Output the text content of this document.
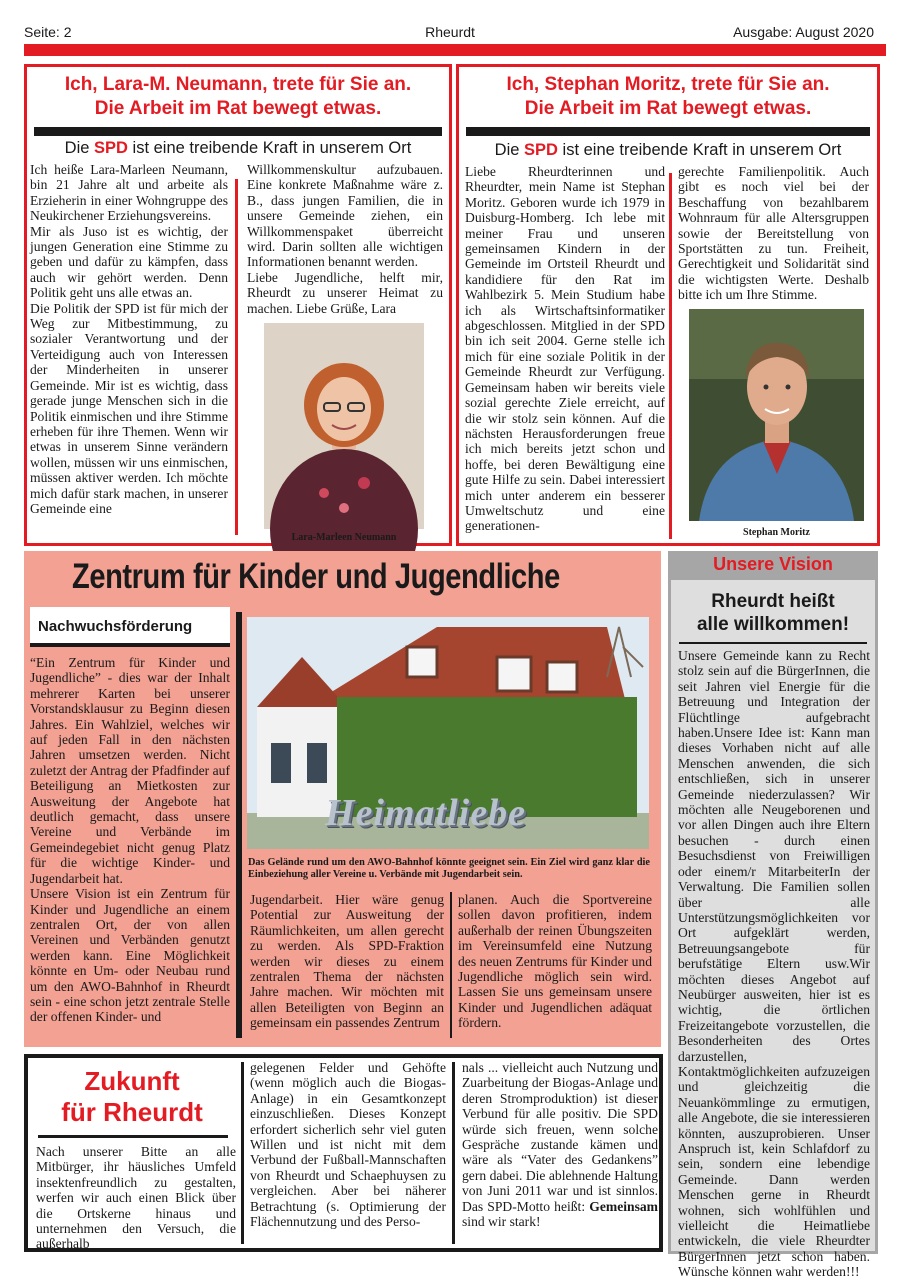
Seite: 2	Rheurdt	Ausgabe: August 2020
Ich, Lara-M. Neumann, trete für Sie an.
Die Arbeit im Rat bewegt etwas.
Die SPD ist eine treibende Kraft in unserem Ort

Ich heiße Lara-Marleen Neumann, bin 21 Jahre alt und arbeite als Erzieherin in einer Wohngruppe des Neukirchener Erziehungsvereins.

Mir als Juso ist es wichtig, der jungen Generation eine Stimme zu geben und dafür zu kämpfen, dass auch wir gehört werden. Denn Politik geht uns alle etwas an.

Die Politik der SPD ist für mich der Weg zur Mitbestimmung, zu sozialer Verantwortung und der Verteidigung auch von Interessen der Minderheiten in unserer Gemeinde. Mir ist es wichtig, dass gerade junge Menschen sich in die Politik einmischen und ihre Stimme erheben für ihre Themen. Wenn wir etwas in unserem Sinne verändern wollen, müssen wir uns einmischen, müssen aktiver werden. Ich möchte mich dafür stark machen, in unserer Gemeinde eine

Willkommenskultur aufzubauen. Eine konkrete Maßnahme wäre z. B., dass jungen Familien, die in unsere Gemeinde ziehen, ein Willkommenspaket überreicht wird. Darin sollten alle wichtigen Informationen benannt werden.

Liebe Jugendliche, helft mir, Rheurdt zu unserer Heimat zu machen. Liebe Grüße, Lara

Lara-Marleen Neumann
Ich, Stephan Moritz, trete für Sie an.
Die Arbeit im Rat bewegt etwas.
Die SPD ist eine treibende Kraft in unserem Ort

Liebe Rheurdterinnen und Rheurdter, mein Name ist Stephan Moritz. Geboren wurde ich 1979 in Duisburg-Homberg. Ich lebe mit meiner Frau und unseren gemeinsamen Kindern in der Gemeinde im Ortsteil Rheurdt und kandidiere für den Rat im Wahlbezirk 5. Mein Studium habe ich als Wirtschaftsinformatiker abgeschlossen. Mitglied in der SPD bin ich seit 2004. Gerne stelle ich mich für eine soziale Politik in der Gemeinde Rheurdt zur Verfügung. Gemeinsam haben wir bereits viele sozial gerechte Ziele erreicht, auf die wir stolz sein können. Auf die nächsten Herausforderungen freue ich mich bereits jetzt schon und hoffe, bei deren Bewältigung eine gute Hilfe zu sein. Dabei interessiert mich unter anderem ein besserer Umweltschutz und eine generationen-

gerechte Familienpolitik. Auch gibt es noch viel bei der Beschaffung von bezahlbarem Wohnraum für alle Altersgruppen sowie der Bereitstellung von Sportstätten zu tun. Freiheit, Gerechtigkeit und Solidarität sind die wichtigsten Werte. Deshalb bitte ich um Ihre Stimme.

Stephan Moritz
Zentrum für Kinder und Jugendliche
Nachwuchsförderung

“Ein Zentrum für Kinder und Jugendliche” - dies war der Inhalt mehrerer Karten bei unserer Vorstandsklausur zu Beginn diesen Jahres. Ein Wahlziel, welches wir auf jeden Fall in den nächsten Jahren umsetzen werden. Nicht zuletzt der Antrag der Pfadfinder auf Beteiligung an Mietkosten zur Ausweitung der Angebote hat deutlich gemacht, dass unsere Vereine und Verbände im Gemeindegebiet nicht genug Platz für die wichtige Kinder- und Jugendarbeit hat.

Unsere Vision ist ein Zentrum für Kinder und Jugendliche an einem zentralen Ort, der von allen Vereinen und Verbänden genutzt werden kann. Eine Möglichkeit könnte en Um- oder Neubau rund um den AWO-Bahnhof in Rheurdt sein - eine schon jetzt zentrale Stelle der offenen Kinder- und

Heimatliebe
Das Gelände rund um den AWO-Bahnhof könnte geeignet sein. Ein Ziel wird ganz klar die Einbeziehung aller Vereine u. Verbände mit Jugendarbeit sein.

Jugendarbeit. Hier wäre genug Potential zur Ausweitung der Räumlichkeiten, um allen gerecht zu werden. Als SPD-Fraktion werden wir dieses zu einem zentralen Thema der nächsten Jahre machen. Wir möchten mit allen Beteiligten von Beginn an gemeinsam ein passendes Zentrum

planen. Auch die Sportvereine sollen davon profitieren, indem außerhalb der reinen Übungszeiten im Vereinsumfeld eine Nutzung des neuen Zentrums für Kinder und Jugendliche möglich sein wird. Lassen Sie uns gemeinsam unsere Kinder und Jugendlichen adäquat fördern.

Unsere Vision
Rheurdt heißt
alle willkommen!
Unsere Gemeinde kann zu Recht stolz sein auf die BürgerInnen, die seit Jahren viel Energie für die Betreuung und Integration der Flüchtlinge aufgebracht haben.Unsere Idee ist: Kann man dieses Vorhaben nicht auf alle Menschen anwenden, die sich entschließen, sich in unserer Gemeinde niederzulassen? Wir möchten alle Neugeborenen und vor allen Dingen auch ihre Eltern besuchen - durch einen Besuchsdienst von Freiwilligen oder einem/r MitarbeiterIn der Verwaltung. Die Familien sollen über alle Unterstützungsmöglichkeiten vor Ort aufgeklärt werden, Betreuungsangebote für berufstätige Eltern usw.Wir möchten dieses Angebot auf Neubürger ausweiten, hier ist es wichtig, die örtlichen Freizeitangebote vorzustellen, die Besonderheiten des Ortes darzustellen, Kontaktmöglichkeiten aufzuzeigen und gleichzeitig die Neuankömmlinge zu ermutigen, alle Angebote, die sie interessieren könnten, auszuprobieren. Unser Anspruch ist, kein Schlafdorf zu sein, sondern eine lebendige Gemeinde. Dann werden Menschen gerne in Rheurdt wohnen, sich wohlfühlen und vielleicht die Heimatliebe entwickeln, die viele Rheurdter BürgerInnen jetzt schon haben. Wünsche können wahr werden!!!
Zukunft
für Rheurdt
Nach unserer Bitte an alle Mitbürger, ihr häusliches Umfeld insektenfreundlich zu gestalten, werfen wir auch einen Blick über die Ortskerne hinaus und unternehmen den Versuch, die außerhalb
gelegenen Felder und Gehöfte (wenn möglich auch die Biogas-Anlage) in ein Gesamtkonzept einzuschließen. Dieses Konzept erfordert sicherlich sehr viel guten Willen und ist nicht mit dem Verbund der Fußball-Mannschaften von Rheurdt und Schaephuysen zu vergleichen. Aber bei näherer Betrachtung (s. Optimierung der Flächennutzung und des Perso-
nals ... vielleicht auch Nutzung und Zuarbeitung der Biogas-Anlage und deren Stromproduktion) ist dieser Verbund für alle positiv. Die SPD würde sich freuen, wenn solche Gespräche zustande kämen und wäre als “Vater des Gedankens” gern dabei. Die ablehnende Haltung von Juni 2011 war und ist sinnlos. Das SPD-Motto heißt: Gemeinsam sind wir stark!
